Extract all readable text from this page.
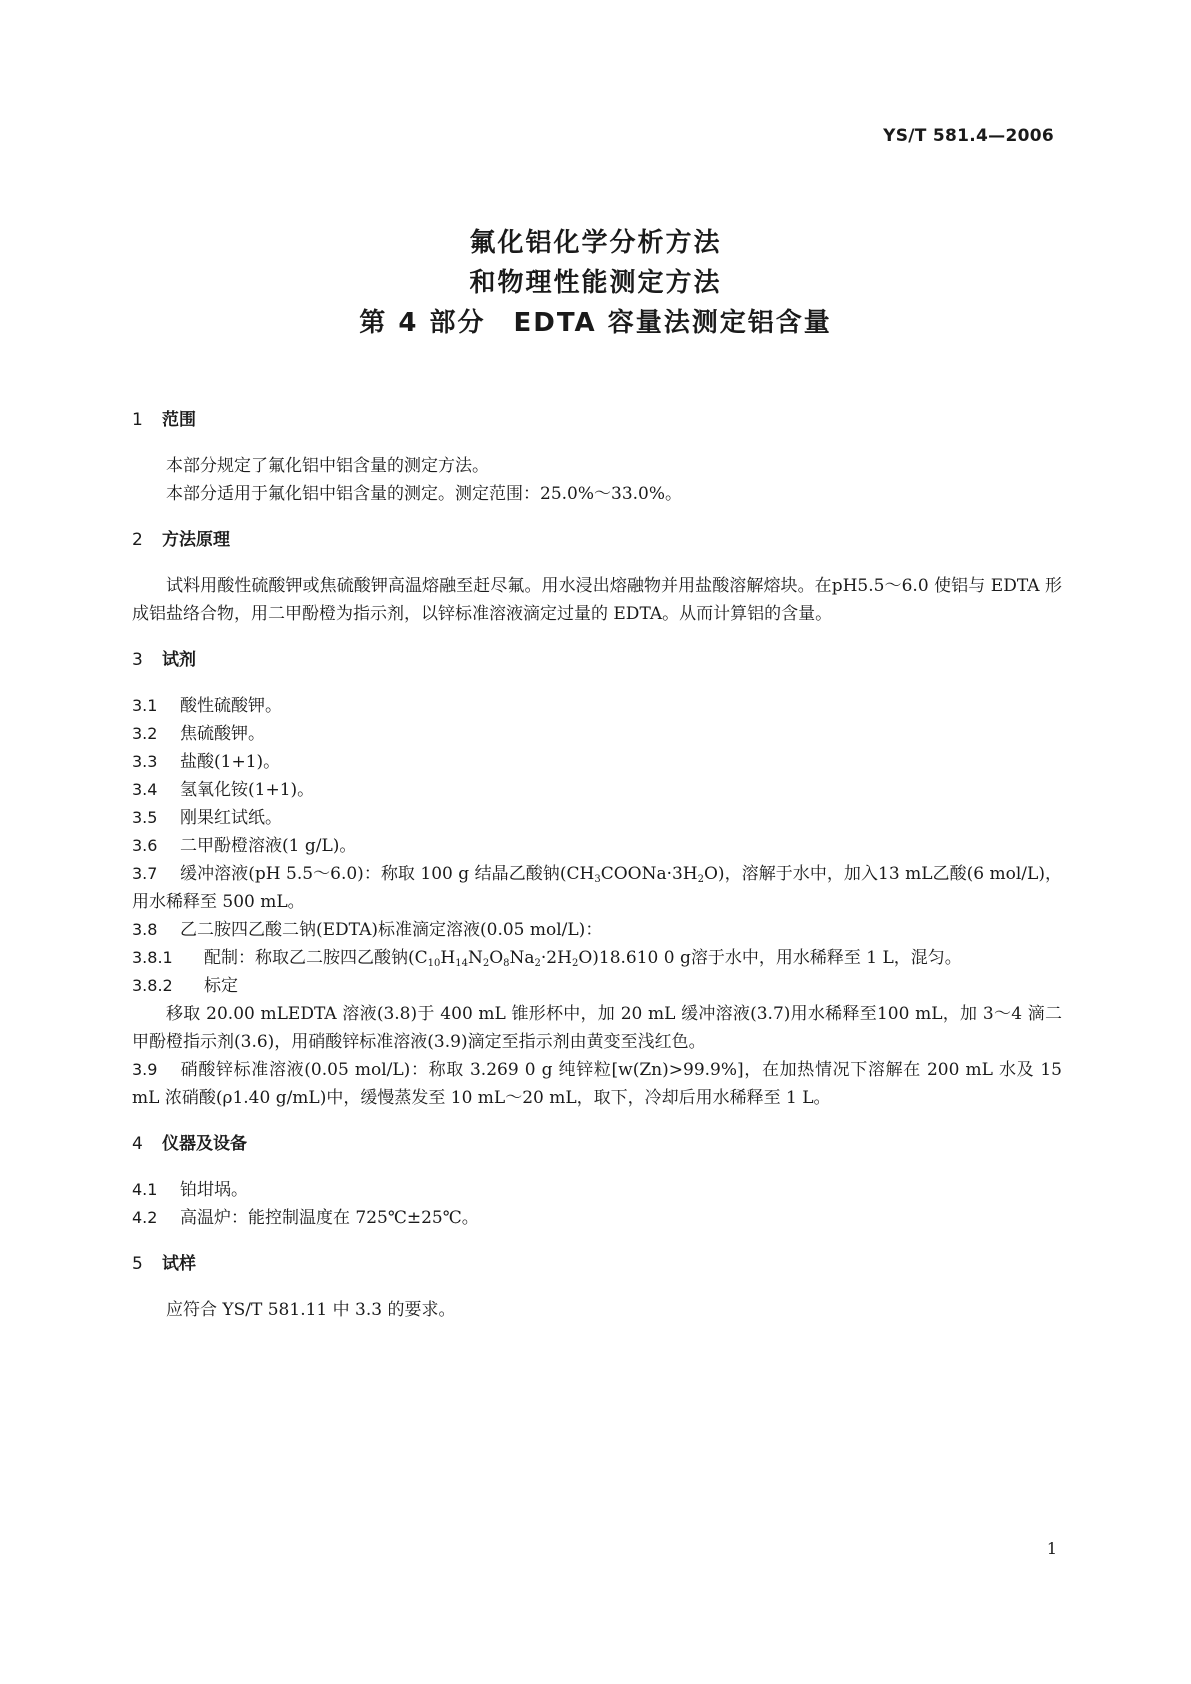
YS/T 581.4—2006
氟化铝化学分析方法
和物理性能测定方法
第 4 部分　EDTA 容量法测定铝含量
1 范围

本部分规定了氟化铝中铝含量的测定方法。

本部分适用于氟化铝中铝含量的测定。测定范围：25.0%～33.0%。

2 方法原理

试料用酸性硫酸钾或焦硫酸钾高温熔融至赶尽氟。用水浸出熔融物并用盐酸溶解熔块。在pH5.5～6.0 使铝与 EDTA 形成铝盐络合物，用二甲酚橙为指示剂，以锌标准溶液滴定过量的 EDTA。从而计算铝的含量。

3 试剂

3.1 酸性硫酸钾。

3.2 焦硫酸钾。

3.3 盐酸(1+1)。

3.4 氢氧化铵(1+1)。

3.5 刚果红试纸。

3.6 二甲酚橙溶液(1 g/L)。

3.7 缓冲溶液(pH 5.5～6.0)：称取 100 g 结晶乙酸钠$(CH_3COONa\cdot 3H_2O)$，溶解于水中，加入13 mL乙酸(6 mol/L)，用水稀释至 500 mL。

3.8 乙二胺四乙酸二钠(EDTA)标准滴定溶液(0.05 mol/L)：

3.8.1 配制：称取乙二胺四乙酸钠$(C_{10}H_{14}N_2O_8Na_2\cdot 2H_2O)18.610$ 0 g溶于水中，用水稀释至 1 L，混匀。

3.8.2 标定

移取 20.00 mLEDTA 溶液(3.8)于 400 mL 锥形杯中，加 20 mL 缓冲溶液(3.7)用水稀释至100 mL，加 3～4 滴二甲酚橙指示剂(3.6)，用硝酸锌标准溶液(3.9)滴定至指示剂由黄变至浅红色。

3.9 硝酸锌标准溶液(0.05 mol/L)：称取 3.269 0 g 纯锌粒[w(Zn)>99.9%]，在加热情况下溶解在 200 mL 水及 15 mL 浓硝酸(ρ1.40 g/mL)中，缓慢蒸发至 10 mL～20 mL，取下，冷却后用水稀释至 1 L。

4 仪器及设备

4.1 铂坩埚。

4.2 高温炉：能控制温度在 725℃±25℃。

5 试样

应符合 YS/T 581.11 中 3.3 的要求。

1
